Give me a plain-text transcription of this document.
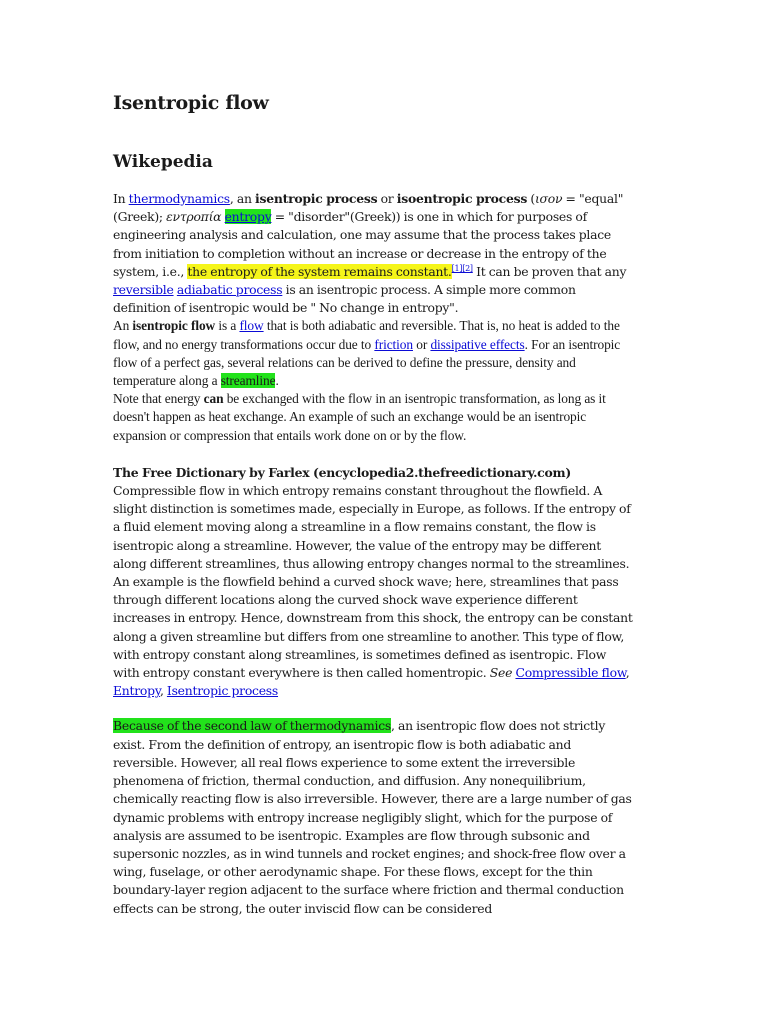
Isentropic flow
Wikepedia

In thermodynamics, an isentropic process or isoentropic process (ισον = "equal" (Greek); εντροπία entropy = "disorder"(Greek)) is one in which for purposes of engineering analysis and calculation, one may assume that the process takes place from initiation to completion without an increase or decrease in the entropy of the system, i.e., the entropy of the system remains constant.[1][2] It can be proven that any reversible adiabatic process is an isentropic process. A simple more common definition of isentropic would be " No change in entropy".

An isentropic flow is a flow that is both adiabatic and reversible. That is, no heat is added to the flow, and no energy transformations occur due to friction or dissipative effects. For an isentropic flow of a perfect gas, several relations can be derived to define the pressure, density and temperature along a streamline.

Note that energy can be exchanged with the flow in an isentropic transformation, as long as it doesn't happen as heat exchange. An example of such an exchange would be an isentropic expansion or compression that entails work done on or by the flow.

The Free Dictionary by Farlex (encyclopedia2.thefreedictionary.com)

Compressible flow in which entropy remains constant throughout the flowfield. A slight distinction is sometimes made, especially in Europe, as follows. If the entropy of a fluid element moving along a streamline in a flow remains constant, the flow is isentropic along a streamline. However, the value of the entropy may be different along different streamlines, thus allowing entropy changes normal to the streamlines. An example is the flowfield behind a curved shock wave; here, streamlines that pass through different locations along the curved shock wave experience different increases in entropy. Hence, downstream from this shock, the entropy can be constant along a given streamline but differs from one streamline to another. This type of flow, with entropy constant along streamlines, is sometimes defined as isentropic. Flow with entropy constant everywhere is then called homentropic. See Compressible flow, Entropy, Isentropic process

Because of the second law of thermodynamics, an isentropic flow does not strictly exist. From the definition of entropy, an isentropic flow is both adiabatic and reversible. However, all real flows experience to some extent the irreversible phenomena of friction, thermal conduction, and diffusion. Any nonequilibrium, chemically reacting flow is also irreversible. However, there are a large number of gas dynamic problems with entropy increase negligibly slight, which for the purpose of analysis are assumed to be isentropic. Examples are flow through subsonic and supersonic nozzles, as in wind tunnels and rocket engines; and shock-free flow over a wing, fuselage, or other aerodynamic shape. For these flows, except for the thin boundary-layer region adjacent to the surface where friction and thermal conduction effects can be strong, the outer inviscid flow can be considered
